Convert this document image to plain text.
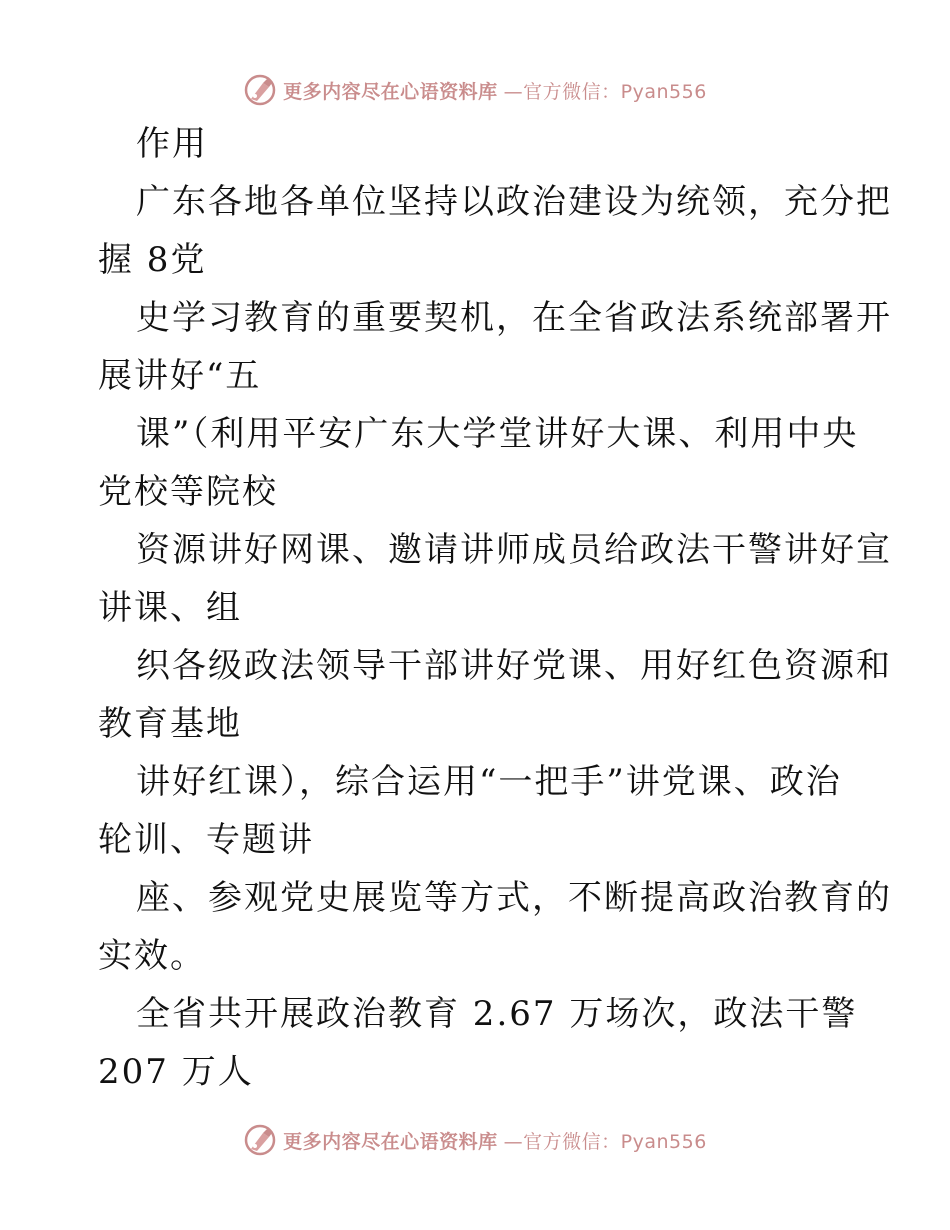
更多内容尽在心语资料库 —官方微信：Pyan556
作用
广东各地各单位坚持以政治建设为统领，充分把
握 8党
史学习教育的重要契机，在全省政法系统部署开
展讲好“五
课”（利用平安广东大学堂讲好大课、利用中央
党校等院校
资源讲好网课、邀请讲师成员给政法干警讲好宣
讲课、组
织各级政法领导干部讲好党课、用好红色资源和
教育基地
讲好红课），综合运用“一把手”讲党课、政治
轮训、专题讲
座、参观党史展览等方式，不断提高政治教育的
实效。
全省共开展政治教育 2.67 万场次，政法干警
207 万人
更多内容尽在心语资料库 —官方微信：Pyan556
